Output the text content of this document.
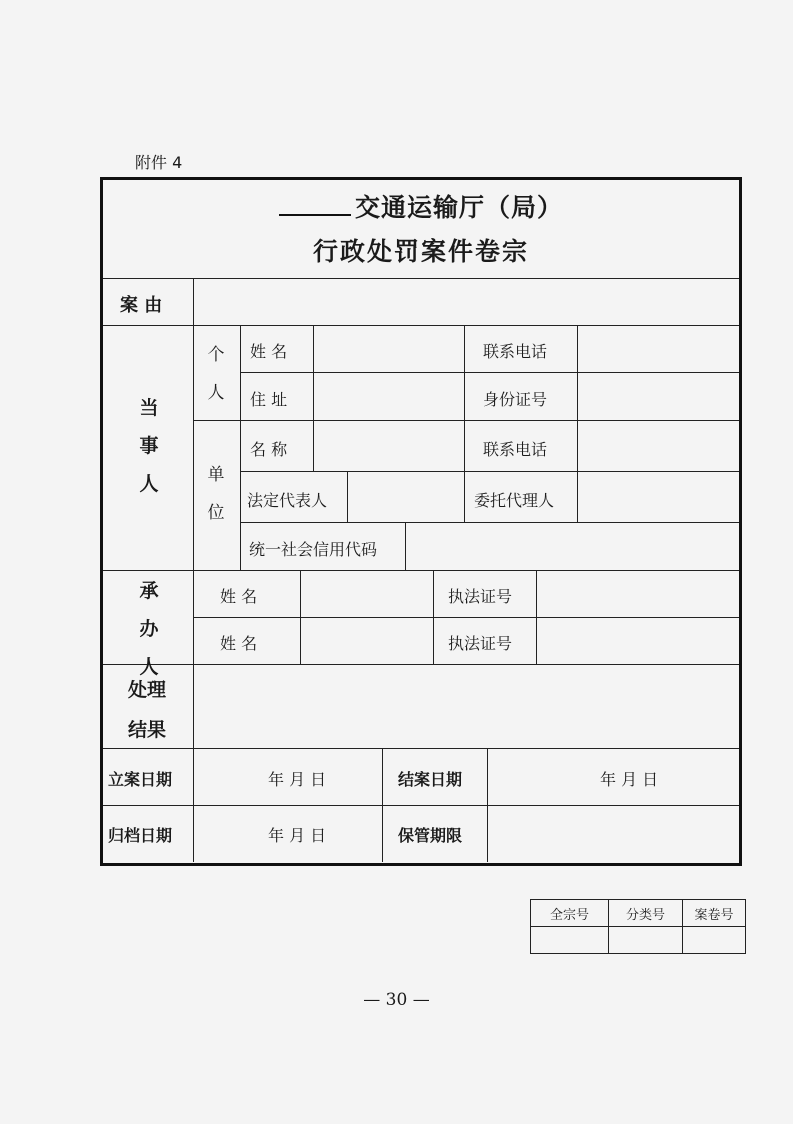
附件 4
交通运输厅（局）
行政处罚案件卷宗
案 由
当
事
人
个
人
姓 名	联系电话
住 址	身份证号
单
位
名 称	联系电话
法定代表人	委托代理人
统一社会信用代码
承
办
人
姓 名	执法证号
姓 名	执法证号
处理
结果
立案日期	年 月 日	结案日期	年 月 日
归档日期	年 月 日	保管期限
全宗号	分类号	案卷号

— 30 —
